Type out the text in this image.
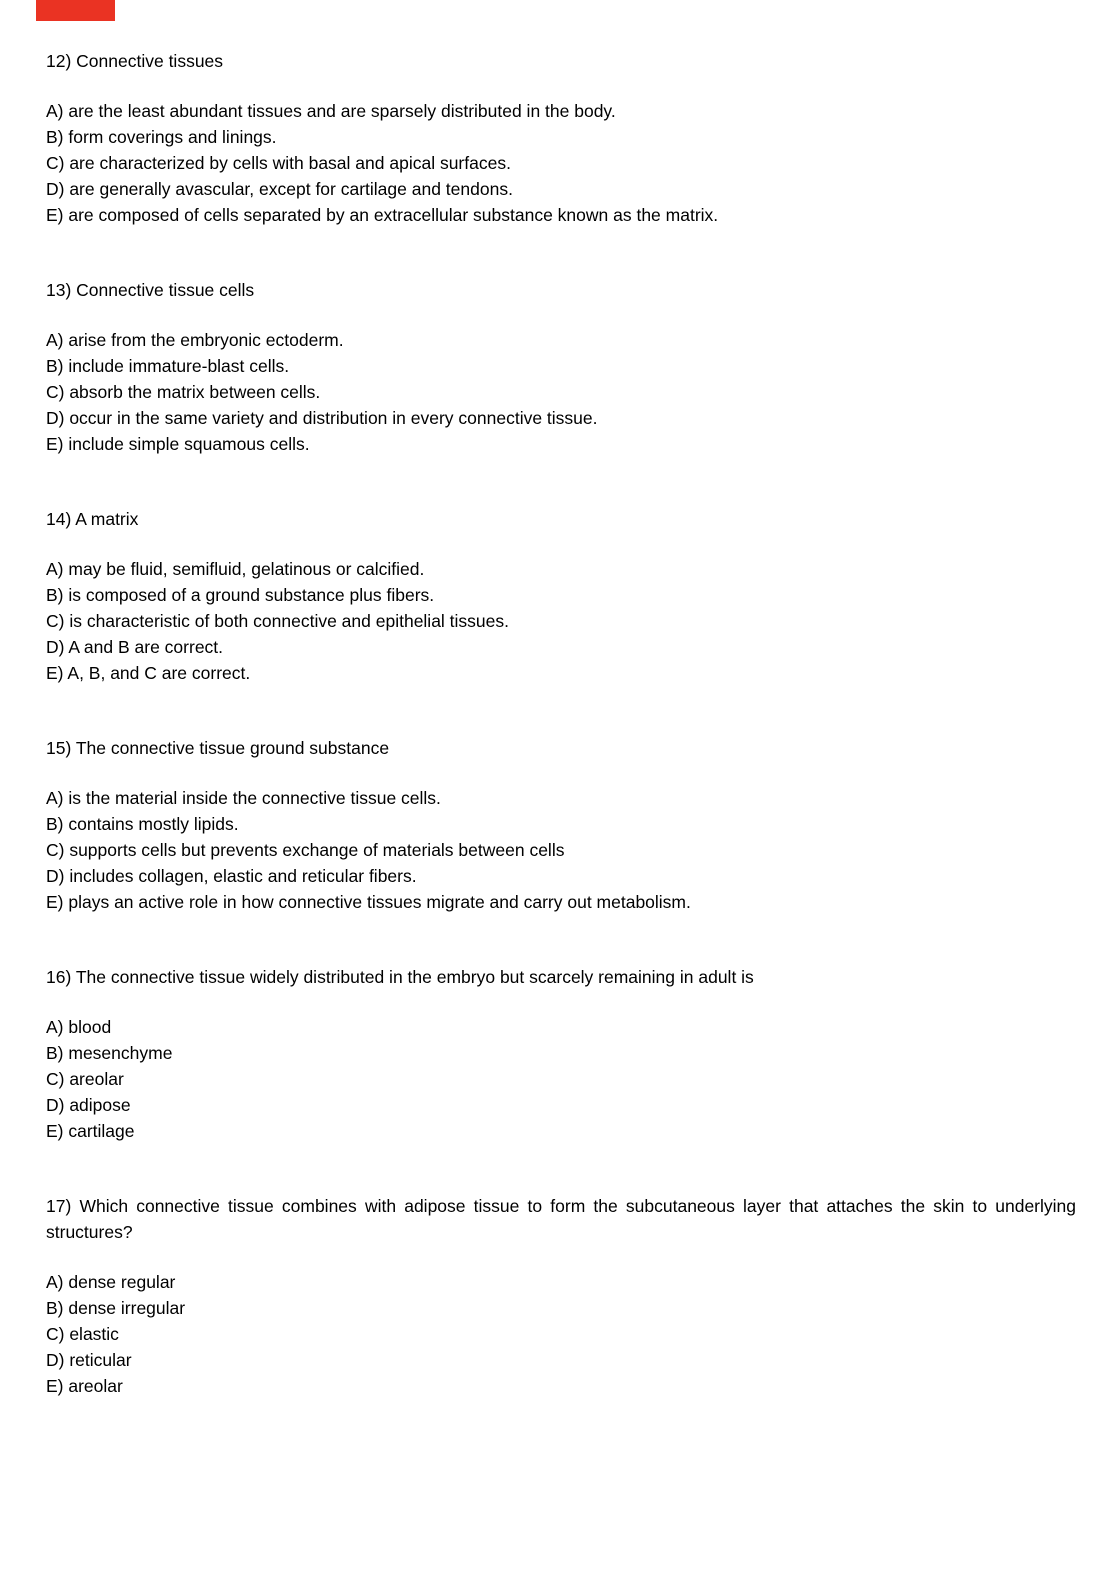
12) Connective tissues
A) are the least abundant tissues and are sparsely distributed in the body.
B) form coverings and linings.
C) are characterized by cells with basal and apical surfaces.
D) are generally avascular, except for cartilage and tendons.
E) are composed of cells separated by an extracellular substance known as the matrix.
13) Connective tissue cells
A) arise from the embryonic ectoderm.
B) include immature-blast cells.
C) absorb the matrix between cells.
D) occur in the same variety and distribution in every connective tissue.
E) include simple squamous cells.
14) A matrix
A) may be fluid, semifluid, gelatinous or calcified.
B) is composed of a ground substance plus fibers.
C) is characteristic of both connective and epithelial tissues.
D) A and B are correct.
E) A, B, and C are correct.
15) The connective tissue ground substance
A) is the material inside the connective tissue cells.
B) contains mostly lipids.
C) supports cells but prevents exchange of materials between cells
D) includes collagen, elastic and reticular fibers.
E) plays an active role in how connective tissues migrate and carry out metabolism.
16) The connective tissue widely distributed in the embryo but scarcely remaining in adult is
A) blood
B) mesenchyme
C) areolar
D) adipose
E) cartilage
17) Which connective tissue combines with adipose tissue to form the subcutaneous layer that attaches the skin to underlying structures?
A) dense regular
B) dense irregular
C) elastic
D) reticular
E) areolar
